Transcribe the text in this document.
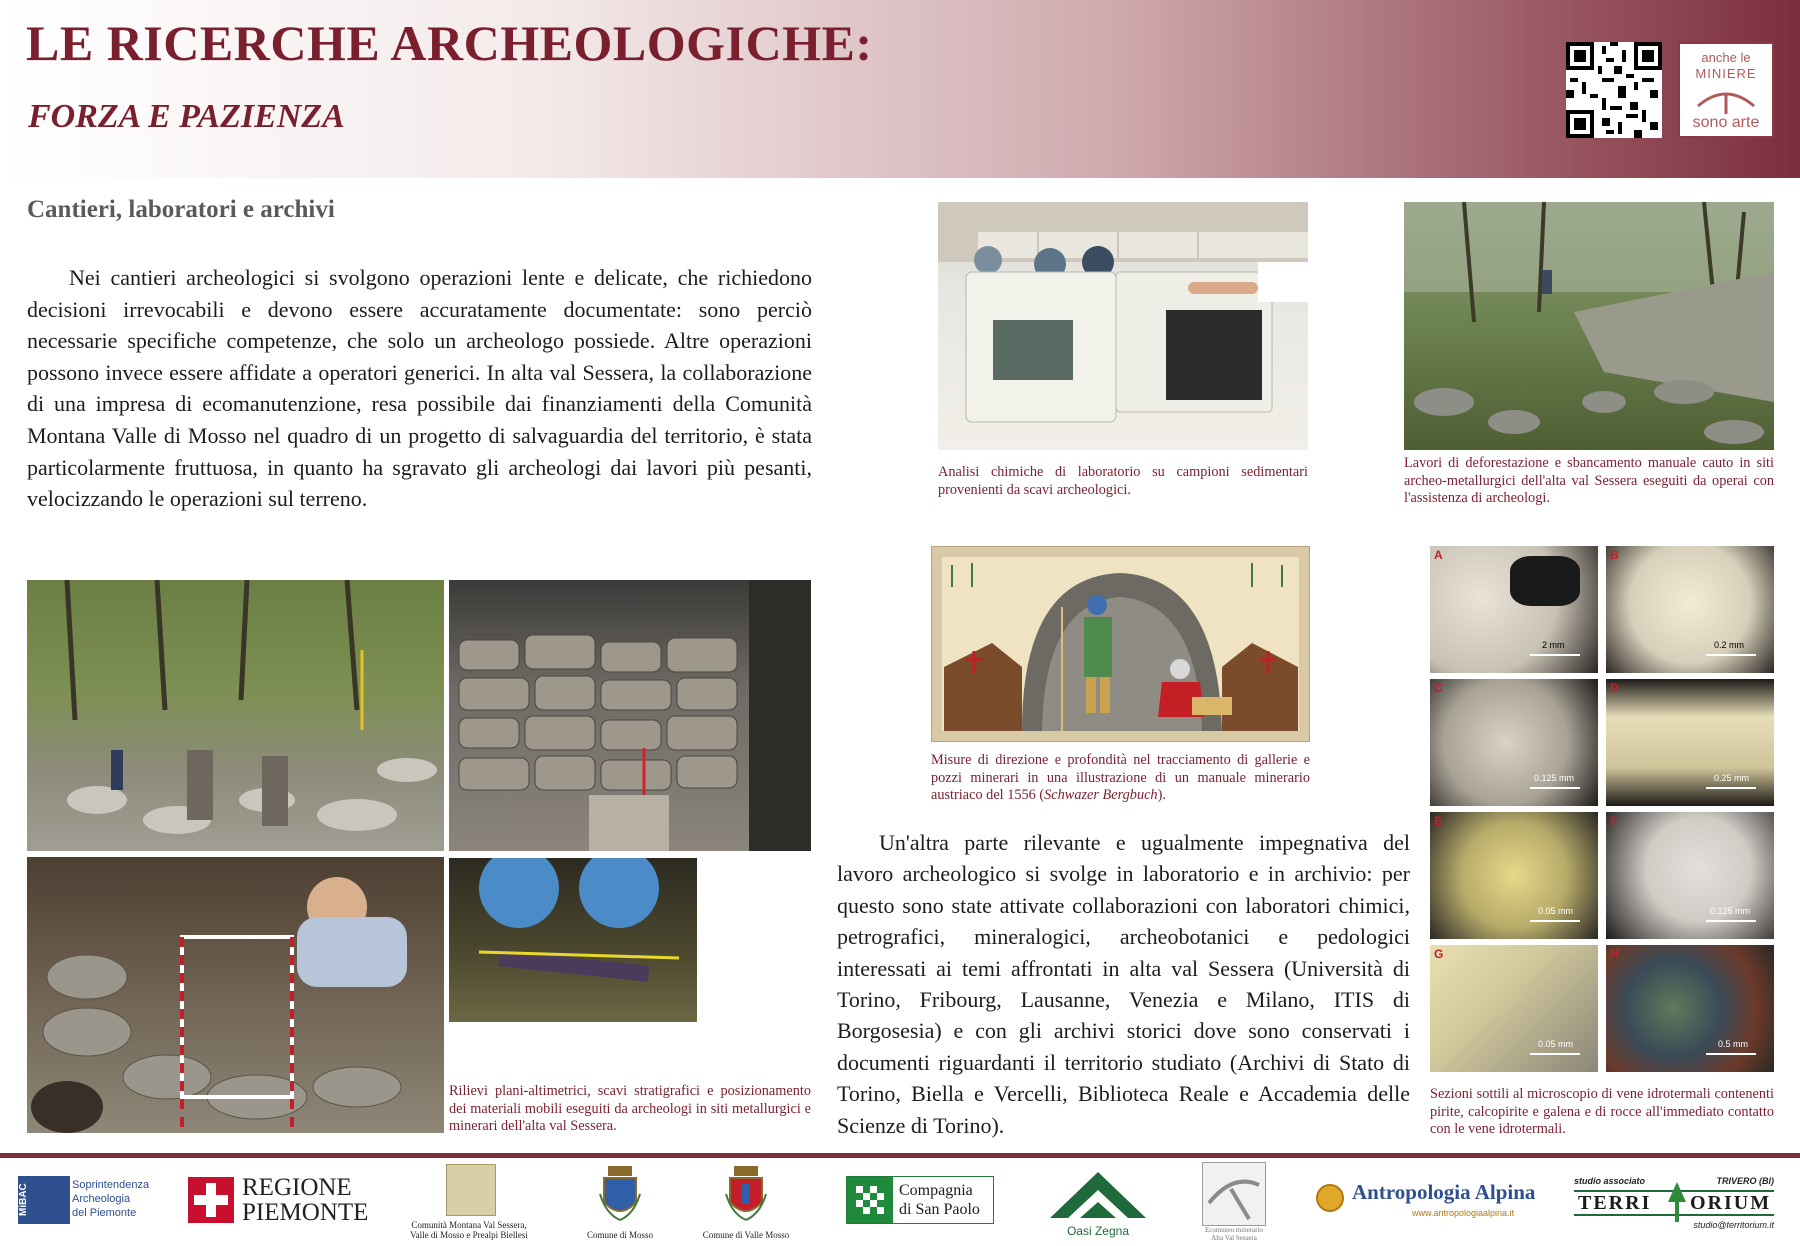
LE RICERCHE ARCHEOLOGICHE:
FORZA E PAZIENZA
anche le
MINIERE
sono arte
Cantieri, laboratori e archivi
Nei cantieri archeologici si svolgono operazioni lente e delicate, che richiedono decisioni irrevocabili e devono essere accuratamente documentate: sono perciò necessarie specifiche competenze, che solo un archeologo possiede. Altre operazioni possono invece essere affidate a operatori generici. In alta val Sessera, la collaborazione di una impresa di ecomanutenzione, resa possibile dai finanziamenti della Comunità Montana Valle di Mosso nel quadro di un progetto di salvaguardia del territorio, è stata particolarmente fruttuosa, in quanto ha sgravato gli archeologi dai lavori più pesanti, velocizzando le operazioni sul terreno.
Analisi chimiche di laboratorio su campioni sedimentari provenienti da scavi archeologici.
Lavori di deforestazione e sbancamento manuale cauto in siti archeo-metallurgici dell'alta val Sessera eseguiti da operai con l'assistenza di archeologi.
Rilievi plani-altimetrici, scavi stratigrafici e posizionamento dei materiali mobili eseguiti da archeologi in siti metallurgici e minerari dell'alta val Sessera.
Misure di direzione e profondità nel tracciamento di gallerie e pozzi minerari in una illustrazione di un manuale minerario austriaco del 1556 (Schwazer Bergbuch).
Un'altra parte rilevante e ugualmente impegnativa del lavoro archeologico si svolge in laboratorio e in archivio: per questo sono state attivate collaborazioni con laboratori chimici, petrografici, mineralogici, archeobotanici e pedologici interessati ai temi affrontati in alta val Sessera (Università di Torino, Fribourg, Lausanne, Venezia e Milano, ITIS di Borgosesia) e con gli archivi storici dove sono conservati i documenti riguardanti il territorio studiato (Archivi di Stato di Torino, Biella e Vercelli, Biblioteca Reale e Accademia delle Scienze di Torino).
A
2 mm
B
0.2 mm
C
0.125 mm
D
0.25 mm
E
0.05 mm
F
0.125 mm
G
0.05 mm
H
0.5 mm
Sezioni sottili al microscopio di vene idrotermali contenenti pirite, calcopirite e galena e di rocce all'immediato contatto con le vene idrotermali.
MiBAC	Soprintendenza
Archeologia
del Piemonte
REGIONE
PIEMONTE	Comunità Montana Val Sessera,
Valle di Mosso e Prealpi Biellesi	Comune di Mosso	Comune di Valle Mosso
Compagnia
di San Paolo
Oasi Zegna	Ecomuseo minerario
Alta Val Sessera
Antropologia Alpina
www.antropologiaalpina.it
studio associato	TRIVERO (BI)
TERRI ORIUM
studio@territorium.it
